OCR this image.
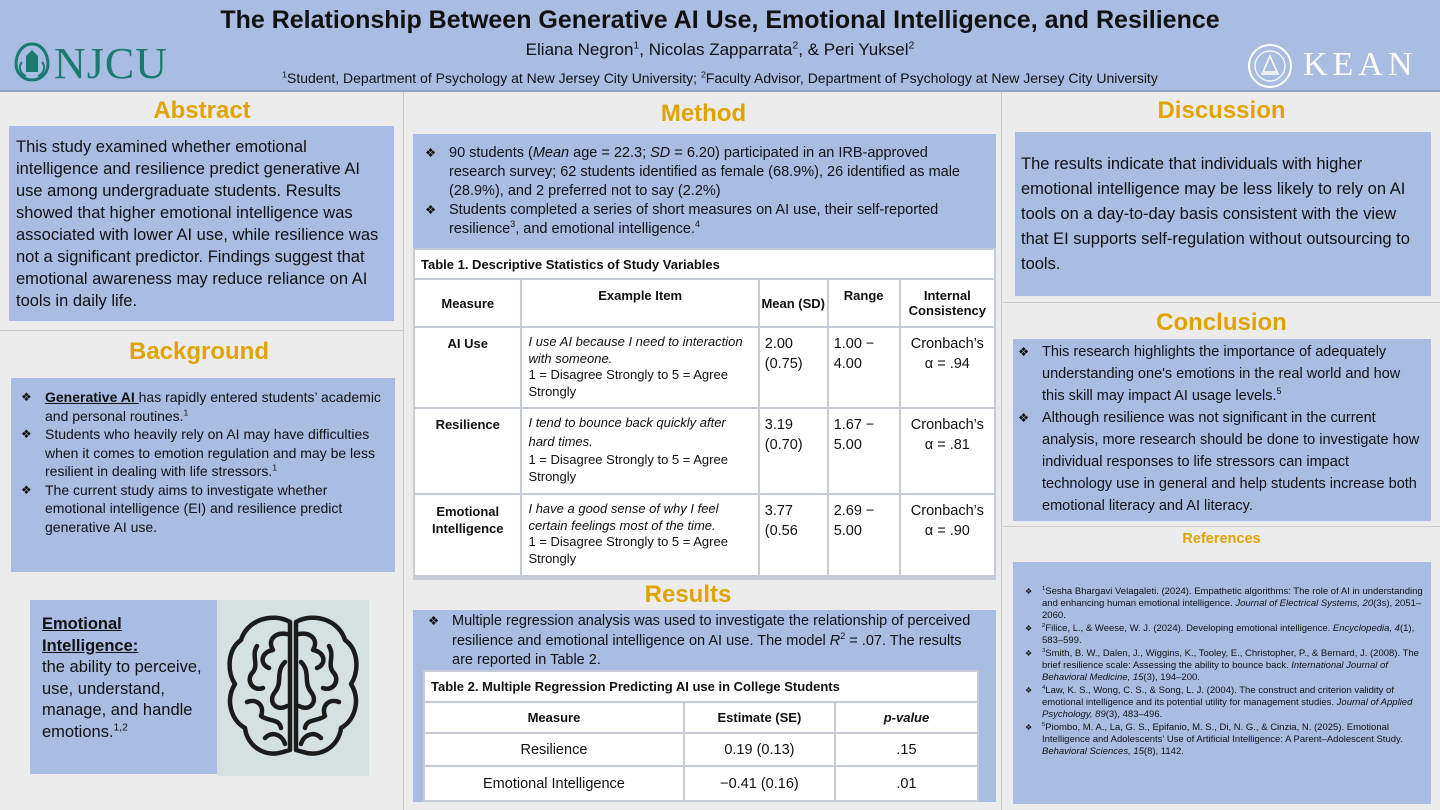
NJCU
The Relationship Between Generative AI Use, Emotional Intelligence, and Resilience
Eliana Negron$^1$, Nicolas Zapparrata$^2$, & Peri Yuksel$^2$
$^1$Student, Department of Psychology at New Jersey City University; $^2$Faculty Advisor, Department of Psychology at New Jersey City University	KEAN
Abstract
This study examined whether emotional intelligence and resilience predict generative AI use among undergraduate students. Results showed that higher emotional intelligence was associated with lower AI use, while resilience was not a significant predictor. Findings suggest that emotional awareness may reduce reliance on AI tools in daily life.
Background
❖ Generative AI has rapidly entered students’ academic and personal routines.$^1$
❖ Students who heavily rely on AI may have difficulties when it comes to emotion regulation and may be less resilient in dealing with life stressors.$^1$
❖ The current study aims to investigate whether emotional intelligence (EI) and resilience predict generative AI use.
Emotional Intelligence:
the ability to perceive, use, understand, manage, and handle emotions.$^{1,2}$
Method
❖ 90 students (Mean age = 22.3; SD = 6.20) participated in an IRB-approved research survey; 62 students identified as female (68.9%), 26 identified as male (28.9%), and 2 preferred not to say (2.2%)
❖ Students completed a series of short measures on AI use, their self-reported resilience$^3$, and emotional intelligence.$^4$
Table 1. Descriptive Statistics of Study Variables				
Measure	Example Item	Mean (SD)	Range	Internal Consistency
AI Use	I use AI because I need to interaction with someone.
1 = Disagree Strongly to 5 = Agree Strongly	2.00 (0.75)	1.00 − 4.00	Cronbach’s α = .94
Resilience	I tend to bounce back quickly after hard times.
1 = Disagree Strongly to 5 = Agree Strongly	3.19 (0.70)	1.67 − 5.00	Cronbach’s α = .81
Emotional Intelligence	I have a good sense of why I feel certain feelings most of the time.
1 = Disagree Strongly to 5 = Agree Strongly	3.77 (0.56	2.69 − 5.00	Cronbach’s α = .90
Results
❖ Multiple regression analysis was used to investigate the relationship of perceived resilience and emotional intelligence on AI use. The model $R^2 = .07$. The results are reported in Table 2.
Table 2. Multiple Regression Predicting AI use in College Students		
Measure	Estimate (SE)	p-value
Resilience	0.19 (0.13)	.15
Emotional Intelligence	−0.41 (0.16)	.01
Discussion
The results indicate that individuals with higher emotional intelligence may be less likely to rely on AI tools on a day-to-day basis consistent with the view that EI supports self-regulation without outsourcing to tools.
Conclusion
❖ This research highlights the importance of adequately understanding one's emotions in the real world and how this skill may impact AI usage levels.$^5$
❖ Although resilience was not significant in the current analysis, more research should be done to investigate how individual responses to life stressors can impact technology use in general and help students increase both emotional literacy and AI literacy.
References
❖ $^1$Sesha Bhargavi Velagaleti. (2024). Empathetic algorithms: The role of AI in understanding and enhancing human emotional intelligence. Journal of Electrical Systems, 20(3s), 2051–2060.
❖ $^2$Filice, L., & Weese, W. J. (2024). Developing emotional intelligence. Encyclopedia, 4(1), 583–599.
❖ $^3$Smith, B. W., Dalen, J., Wiggins, K., Tooley, E., Christopher, P., & Bernard, J. (2008). The brief resilience scale: Assessing the ability to bounce back. International Journal of Behavioral Medicine, 15(3), 194–200.
❖ $^4$Law, K. S., Wong, C. S., & Song, L. J. (2004). The construct and criterion validity of emotional intelligence and its potential utility for management studies. Journal of Applied Psychology, 89(3), 483–496.
❖ $^5$Piombo, M. A., La, G. S., Epifanio, M. S., Di, N. G., & Cinzia, N. (2025). Emotional Intelligence and Adolescents’ Use of Artificial Intelligence: A Parent–Adolescent Study. Behavioral Sciences, 15(8), 1142.
